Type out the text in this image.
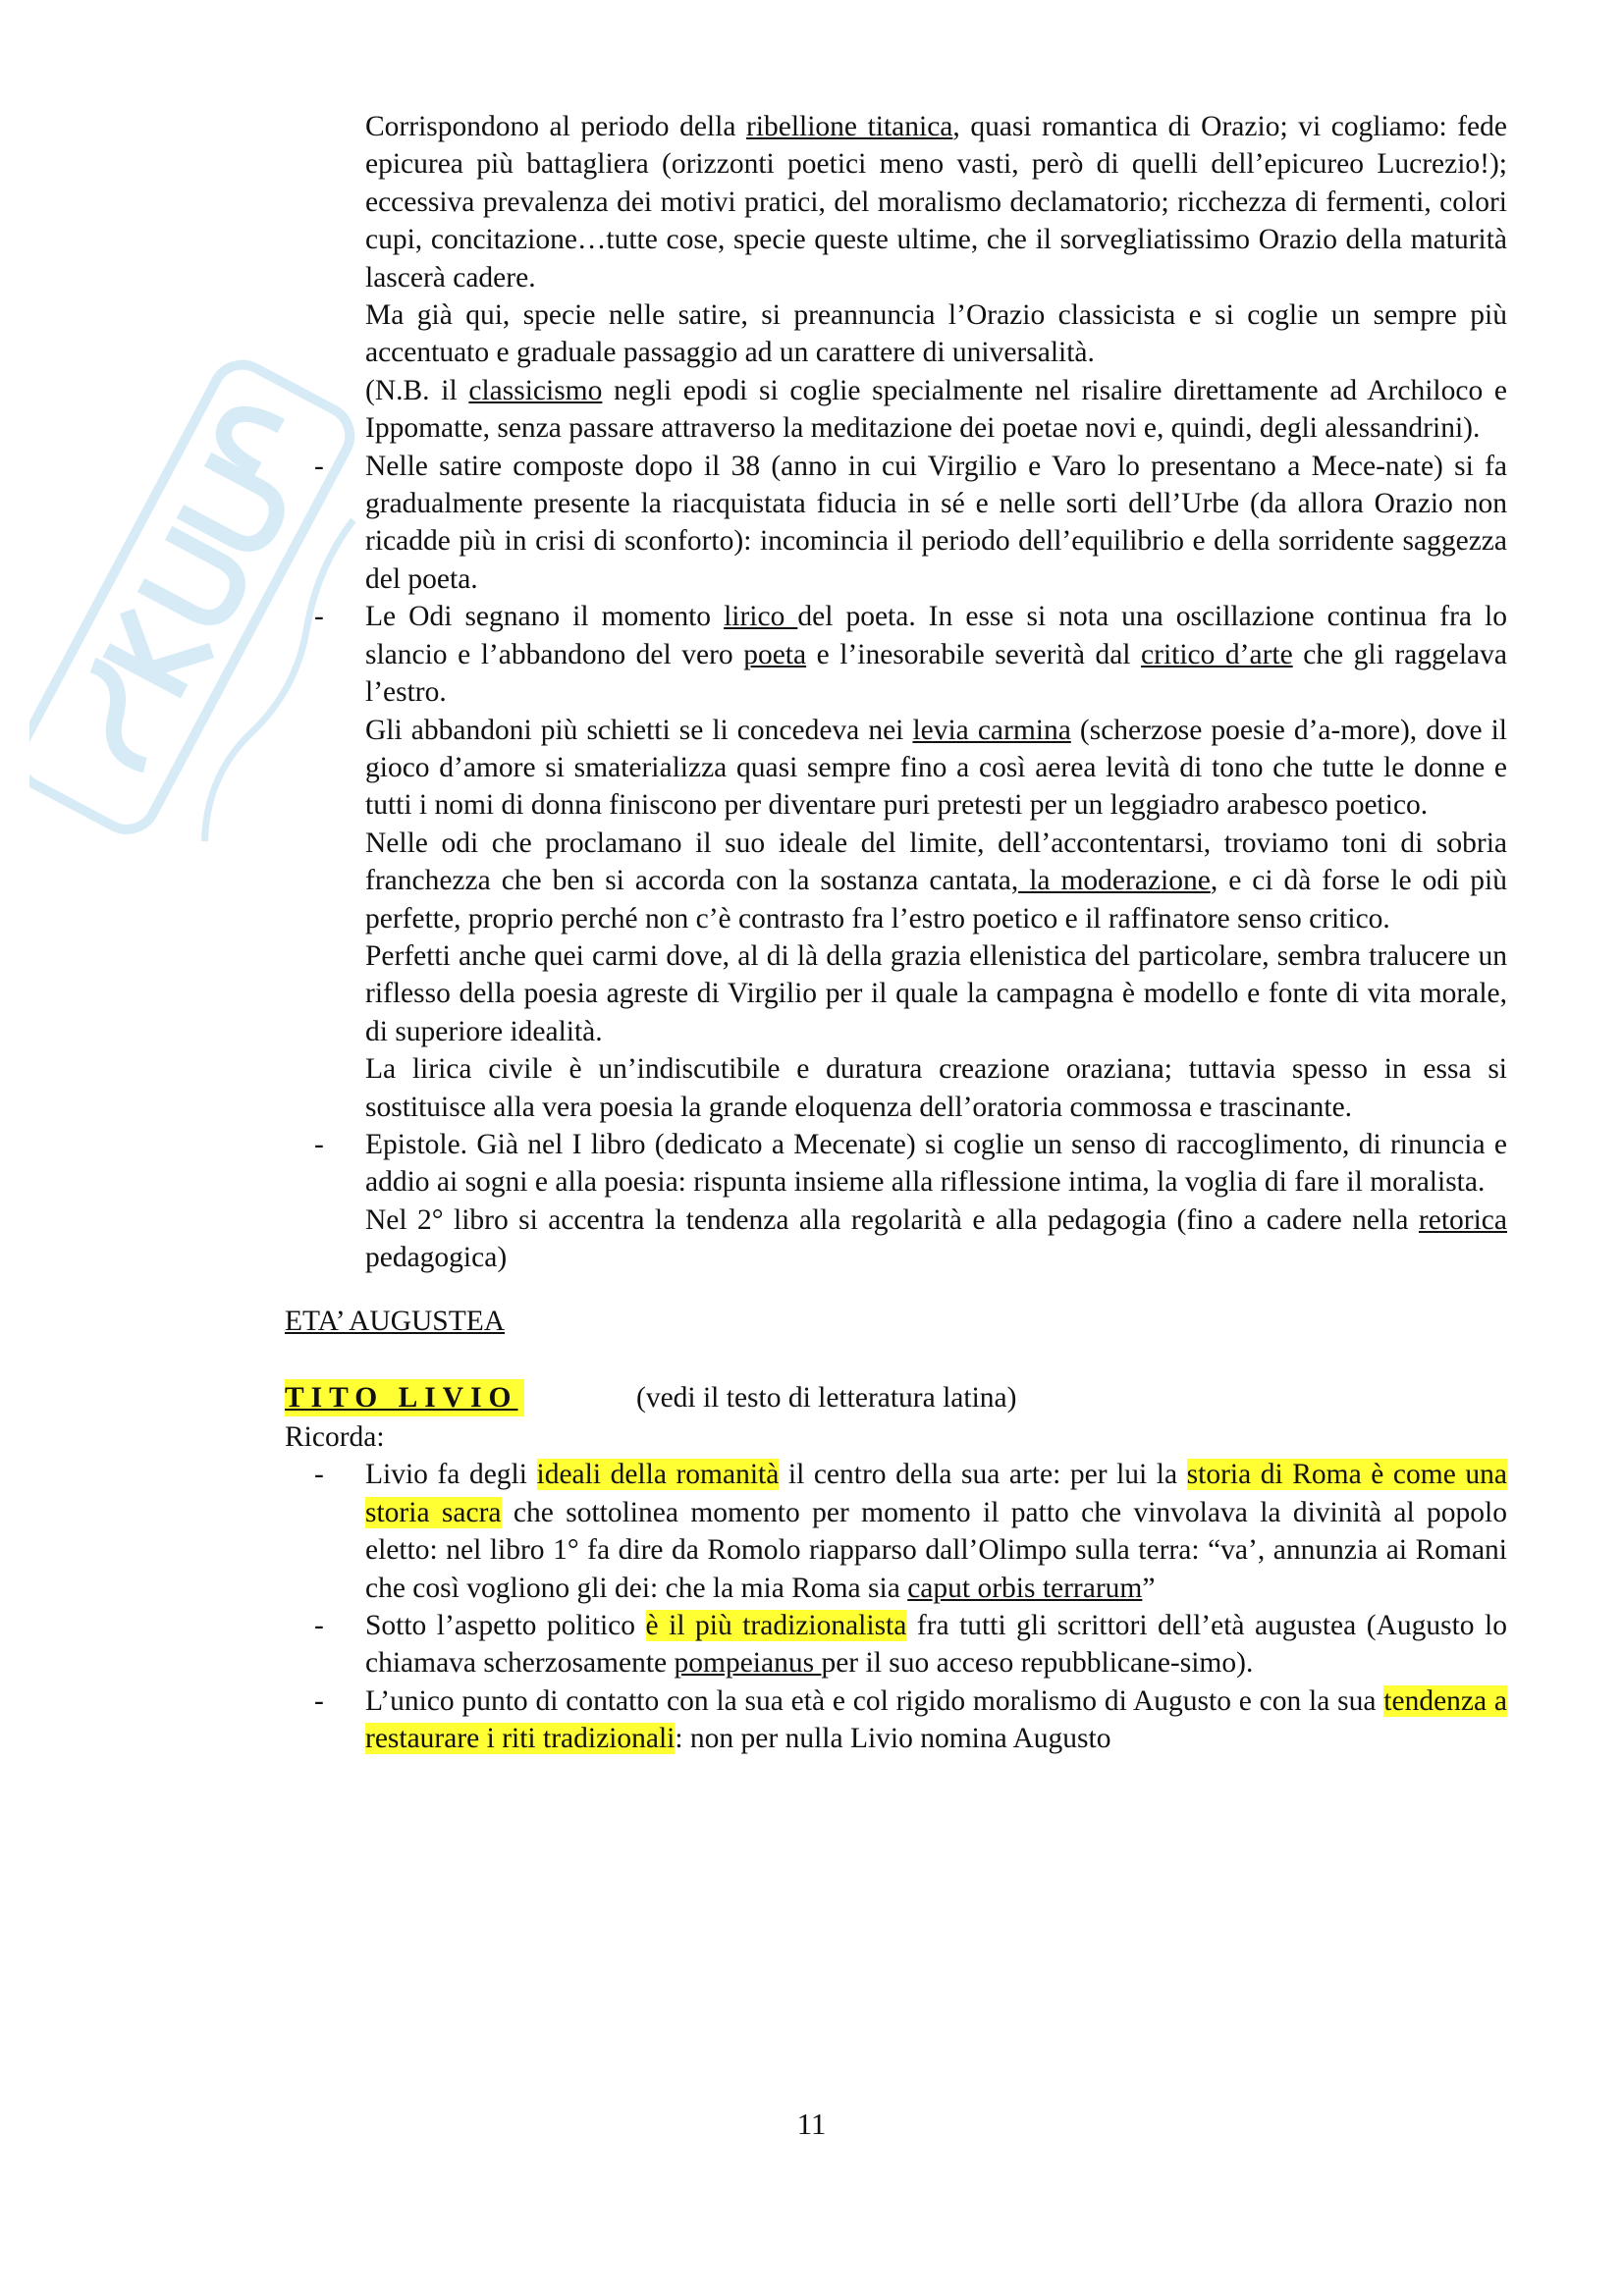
Corrispondono al periodo della ribellione titanica, quasi romantica di Orazio; vi cogliamo: fede epicurea più battagliera (orizzonti poetici meno vasti, però di quelli dell’epicureo Lucrezio!); eccessiva prevalenza dei motivi pratici, del moralismo declamatorio; ricchezza di fermenti, colori cupi, concitazione…tutte cose, specie queste ultime, che il sorvegliatissimo Orazio della maturità lascerà cadere.

Ma già qui, specie nelle satire, si preannuncia l’Orazio classicista e si coglie un sempre più accentuato e graduale passaggio ad un carattere di universalità.

(N.B. il classicismo negli epodi si coglie specialmente nel risalire direttamente ad Archiloco e Ippomatte, senza passare attraverso la meditazione dei poetae novi e, quindi, degli alessandrini).

-
Nelle satire composte dopo il 38 (anno in cui Virgilio e Varo lo presentano a Mece-nate) si fa gradualmente presente la riacquistata fiducia in sé e nelle sorti dell’Urbe (da allora Orazio non ricadde più in crisi di sconforto): incomincia il periodo dell’equilibrio e della sorridente saggezza del poeta.

-
Le Odi segnano il momento lirico del poeta. In esse si nota una oscillazione continua fra lo slancio e l’abbandono del vero poeta e l’inesorabile severità dal critico d’arte che gli raggelava l’estro.

Gli abbandoni più schietti se li concedeva nei levia carmina (scherzose poesie d’a-more), dove il gioco d’amore si smaterializza quasi sempre fino a così aerea levità di tono che tutte le donne e tutti i nomi di donna finiscono per diventare puri pretesti per un leggiadro arabesco poetico.

Nelle odi che proclamano il suo ideale del limite, dell’accontentarsi, troviamo toni di sobria franchezza che ben si accorda con la sostanza cantata, la moderazione, e ci dà forse le odi più perfette, proprio perché non c’è contrasto fra l’estro poetico e il raffinatore senso critico.

Perfetti anche quei carmi dove, al di là della grazia ellenistica del particolare, sembra tralucere un riflesso della poesia agreste di Virgilio per il quale la campagna è modello e fonte di vita morale, di superiore idealità.

La lirica civile è un’indiscutibile e duratura creazione oraziana; tuttavia spesso in essa si sostituisce alla vera poesia la grande eloquenza dell’oratoria commossa e trascinante.

-
Epistole. Già nel I libro (dedicato a Mecenate) si coglie un senso di raccoglimento, di rinuncia e addio ai sogni e alla poesia: rispunta insieme alla riflessione intima, la voglia di fare il moralista.

Nel 2° libro si accentra la tendenza alla regolarità e alla pedagogia (fino a cadere nella retorica pedagogica)

ETA’ AUGUSTEA

TITO LIVIO	(vedi il testo di letteratura latina)

Ricorda:

-
Livio fa degli ideali della romanità il centro della sua arte: per lui la storia di Roma è come una storia sacra che sottolinea momento per momento il patto che vinvolava la divinità al popolo eletto: nel libro 1° fa dire da Romolo riapparso dall’Olimpo sulla terra: “va’, annunzia ai Romani che così vogliono gli dei: che la mia Roma sia caput orbis terrarum”

-
Sotto l’aspetto politico è il più tradizionalista fra tutti gli scrittori dell’età augustea (Augusto lo chiamava scherzosamente pompeianus per il suo acceso repubblicane-simo).

-
L’unico punto di contatto con la sua età e col rigido moralismo di Augusto e con la sua tendenza a restaurare i riti tradizionali: non per nulla Livio nomina Augusto

11
